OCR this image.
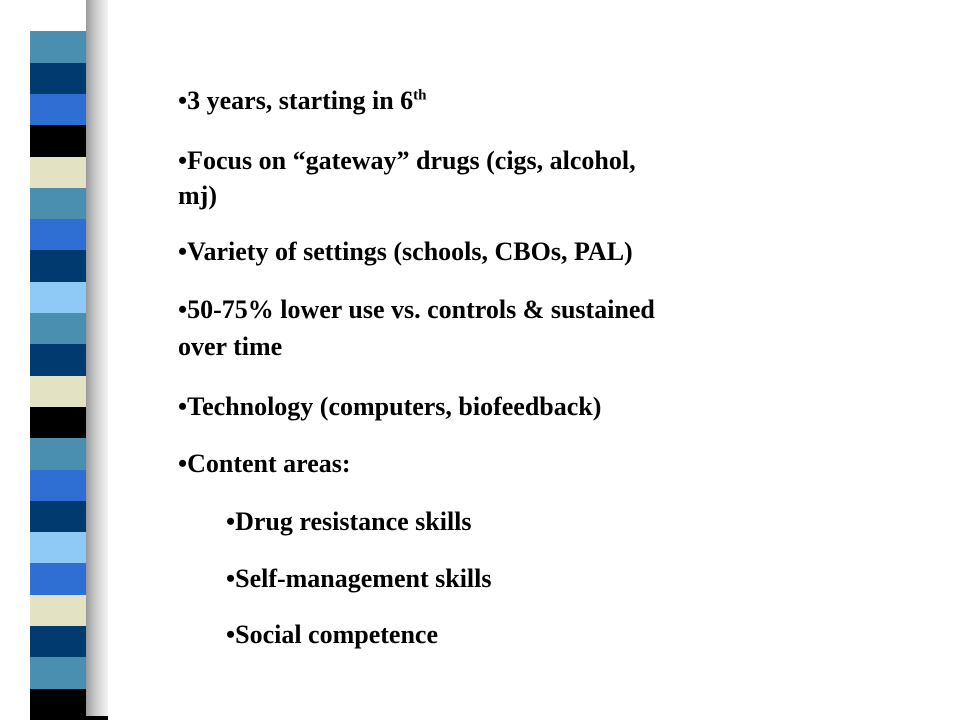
•3 years, starting in 6th

•Focus on “gateway” drugs (cigs, alcohol,

mj)

•Variety of settings (schools, CBOs, PAL)

•50-75% lower use vs. controls & sustained

over time

•Technology (computers, biofeedback)

•Content areas:

•Drug resistance skills

•Self-management skills

•Social competence
